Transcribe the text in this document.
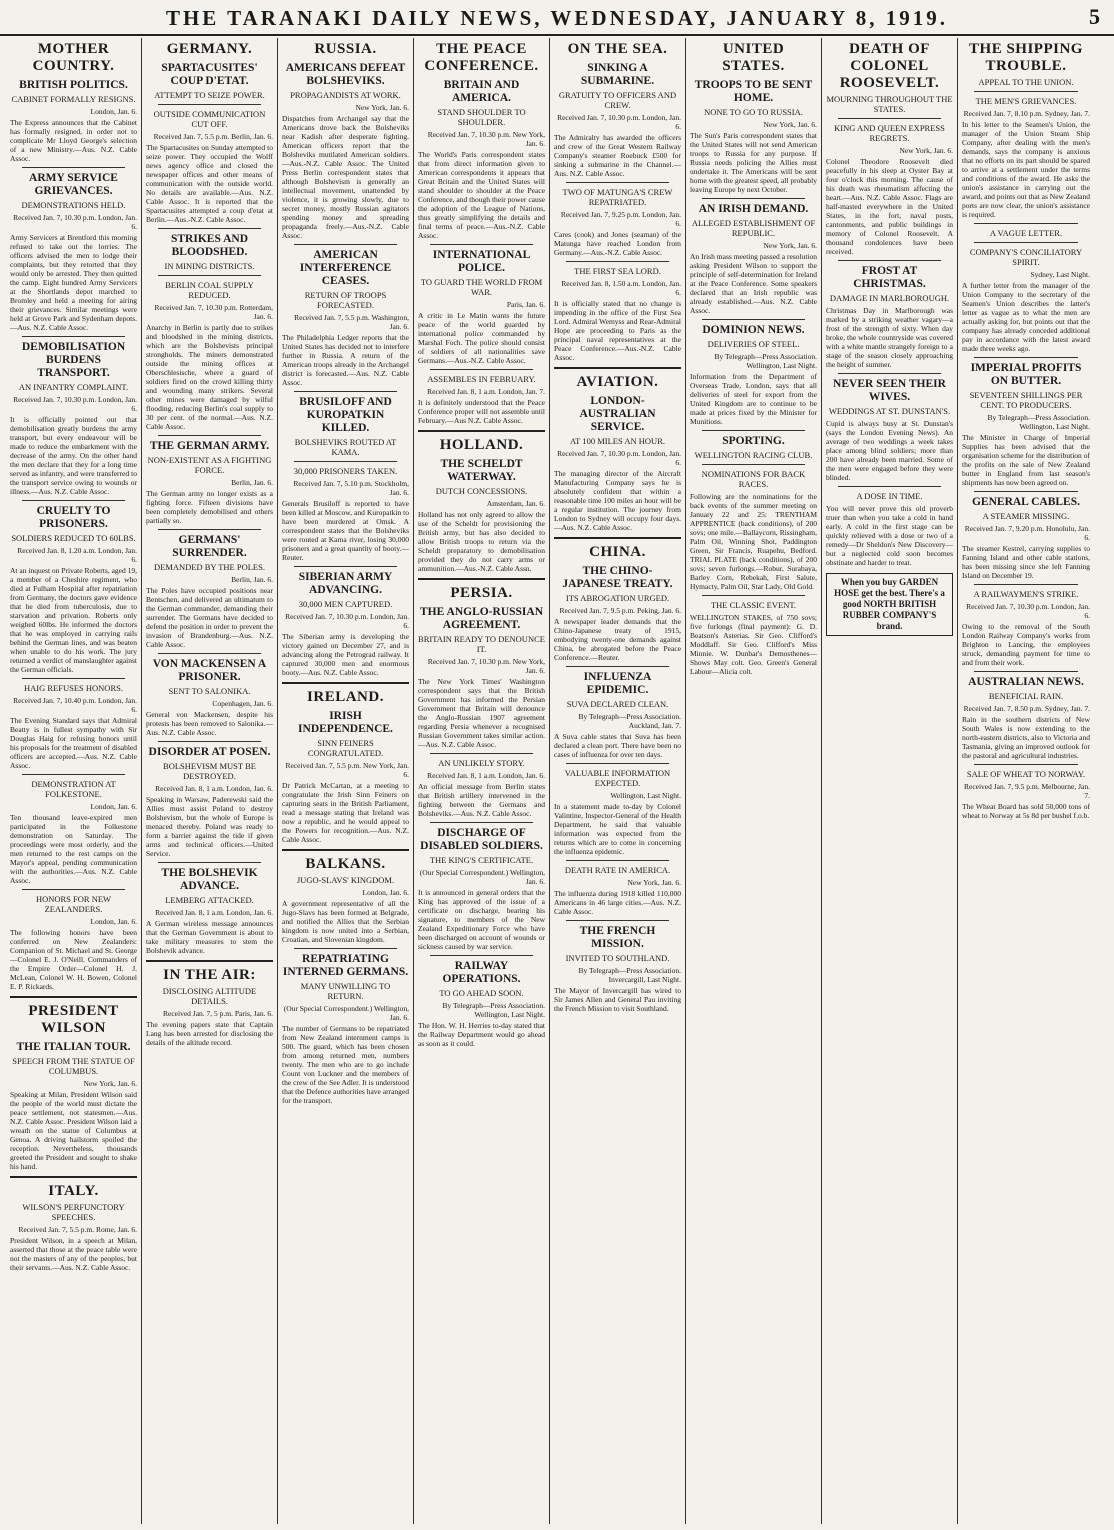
THE TARANAKI DAILY NEWS, WEDNESDAY, JANUARY 8, 1919.	5
MOTHER COUNTRY.
BRITISH POLITICS.
CABINET FORMALLY RESIGNS.
London, Jan. 6.

The Express announces that the Cabinet has formally resigned, in order not to complicate Mr Lloyd George's selection of a new Ministry.—Aus. N.Z. Cable Assoc.

ARMY SERVICE GRIEVANCES.
DEMONSTRATIONS HELD.
Received Jan. 7, 10.30 p.m. London, Jan. 6.

Army Servicers at Brentford this morning refused to take out the lorries. The officers advised the men to lodge their complaints, but they retorted that they would only be arrested. They then quitted the camp. Eight hundred Army Servicers at the Shortlands depot marched to Bromley and held a meeting for airing their grievances. Similar meetings were held at Grove Park and Sydenham depots.—Aus. N.Z. Cable Assoc.

DEMOBILISATION BURDENS TRANSPORT.
AN INFANTRY COMPLAINT.
Received Jan. 7, 10.30 p.m. London, Jan. 6.

It is officially pointed out that demobilisation greatly burdens the army transport, but every endeavour will be made to reduce the embarkment with the decrease of the army. On the other hand the men declare that they for a long time served as infantry, and were transferred to the transport service owing to wounds or illness.—Aus. N.Z. Cable Assoc.

CRUELTY TO PRISONERS.
SOLDIERS REDUCED TO 60LBS.
Received Jan. 8, 1.20 a.m. London, Jan. 6.

At an inquest on Private Roberts, aged 19, a member of a Cheshire regiment, who died at Fulham Hospital after repatriation from Germany, the doctors gave evidence that he died from tuberculosis, due to starvation and privation. Roberts only weighed 60lbs. He informed the doctors that he was employed in carrying rails behind the German lines, and was beaten when unable to do his work. The jury returned a verdict of manslaughter against the German officials.

HAIG REFUSES HONORS.
Received Jan. 7, 10.40 p.m. London, Jan. 6.

The Evening Standard says that Admiral Beatty is in fullest sympathy with Sir Douglas Haig for refusing honors until his proposals for the treatment of disabled officers are accepted.—Aus. N.Z. Cable Assoc.

DEMONSTRATION AT FOLKESTONE.
London, Jan. 6.

Ten thousand leave-expired men participated in the Folkestone demonstration on Saturday. The proceedings were most orderly, and the men returned to the rest camps on the Mayor's appeal, pending communication with the authorities.—Aus. N.Z. Cable Assoc.

HONORS FOR NEW ZEALANDERS.
London, Jan. 6.

The following honors have been conferred on New Zealanders: Companion of St. Michael and St. George—Colonel E. J. O'Neill. Commanders of the Empire Order—Colonel H. J. McLean, Colonel W. H. Bowen, Colonel E. P. Rickards.

PRESIDENT WILSON
THE ITALIAN TOUR.
SPEECH FROM THE STATUE OF COLUMBUS.
New York, Jan. 6.

Speaking at Milan, President Wilson said the people of the world must dictate the peace settlement, not statesmen.—Aus. N.Z. Cable Assoc. President Wilson laid a wreath on the statue of Columbus at Genoa. A driving hailstorm spoiled the reception. Nevertheless, thousands greeted the President and sought to shake his hand.

ITALY.
WILSON'S PERFUNCTORY SPEECHES.
Received Jan. 7, 5.5 p.m. Rome, Jan. 6.

President Wilson, in a speech at Milan, asserted that those at the peace table were not the masters of any of the peoples, but their servants.—Aus. N.Z. Cable Assoc.

GERMANY.
SPARTACUSITES' COUP D'ETAT.
ATTEMPT TO SEIZE POWER.
OUTSIDE COMMUNICATION CUT OFF.
Received Jan. 7, 5.5 p.m. Berlin, Jan. 6.

The Spartacusites on Sunday attempted to seize power. They occupied the Wolff news agency office and closed the newspaper offices and other means of communication with the outside world. No details are available.—Aus. N.Z. Cable Assoc. It is reported that the Spartacusites attempted a coup d'etat at Berlin.—Aus.-N.Z. Cable Assoc.

STRIKES AND BLOODSHED.
IN MINING DISTRICTS.
BERLIN COAL SUPPLY REDUCED.
Received Jan. 7, 10.30 p.m. Rotterdam, Jan. 6.

Anarchy in Berlin is partly due to strikes and bloodshed in the mining districts, which are the Bolshevists principal strongholds. The miners demonstrated outside the mining offices at Oberschlesische, where a guard of soldiers fired on the crowd killing thirty and wounding many strikers. Several other mines were damaged by wilful flooding, reducing Berlin's coal supply to 30 per cent. of the normal.—Aus. N.Z. Cable Assoc.

THE GERMAN ARMY.
NON-EXISTENT AS A FIGHTING FORCE.
Berlin, Jan. 6.

The German army no longer exists as a fighting force. Fifteen divisions have been completely demobilised and others partially so.

GERMANS' SURRENDER.
DEMANDED BY THE POLES.
Berlin, Jan. 6.

The Poles have occupied positions near Bentschen, and delivered an ultimatum to the German commander, demanding their surrender. The Germans have decided to defend the position in order to prevent the invasion of Brandenburg.—Aus. N.Z. Cable Assoc.

VON MACKENSEN A PRISONER.
SENT TO SALONIKA.
Copenhagen, Jan. 6.

General von Mackensen, despite his protests has been removed to Salonika.—Aus. N.Z. Cable Assoc.

DISORDER AT POSEN.
BOLSHEVISM MUST BE DESTROYED.
Received Jan. 8, 1 a.m. London, Jan. 6.

Speaking in Warsaw, Paderewski said the Allies must assist Poland to destroy Bolshevism, but the whole of Europe is menaced thereby. Poland was ready to form a barrier against the tide if given arms and technical officers.—United Service.

THE BOLSHEVIK ADVANCE.
LEMBERG ATTACKED.
Received Jan. 8, 1 a.m. London, Jan. 6.

A German wireless message announces that the German Government is about to take military measures to stem the Bolshevik advance.

IN THE AIR:
DISCLOSING ALTITUDE DETAILS.
Received Jan. 7, 5 p.m. Paris, Jan. 6.

The evening papers state that Captain Lang has been arrested for disclosing the details of the altitude record.

RUSSIA.
AMERICANS DEFEAT BOLSHEVIKS.
PROPAGANDISTS AT WORK.
New York, Jan. 6.

Dispatches from Archangel say that the Americans drove back the Bolsheviks near Kadish after desperate fighting. American officers report that the Bolsheviks mutilated American soldiers.—Aus.-N.Z. Cable Assoc. The United Press Berlin correspondent states that although Bolshevism is generally an intellectual movement, unattended by violence, it is growing slowly, due to secret money, mostly Russian agitators spending money and spreading propaganda freely.—Aus.-N.Z. Cable Assoc.

AMERICAN INTERFERENCE CEASES.
RETURN OF TROOPS FORECASTED.
Received Jan. 7, 5.5 p.m. Washington, Jan. 6.

The Philadelphia Ledger reports that the United States has decided not to interfere further in Russia. A return of the American troops already in the Archangel district is forecasted.—Aus. N.Z. Cable Assoc.

BRUSILOFF AND KUROPATKIN KILLED.
BOLSHEVIKS ROUTED AT KAMA.
30,000 PRISONERS TAKEN.
Received Jan. 7, 5.10 p.m. Stockholm, Jan. 6.

Generals Brusiloff is reported to have been killed at Moscow, and Kuropatkin to have been murdered at Omsk. A correspondent states that the Bolsheviks were routed at Kama river, losing 30,000 prisoners and a great quantity of booty.—Reuter.

SIBERIAN ARMY ADVANCING.
30,000 MEN CAPTURED.
Received Jan. 7, 10.30 p.m. London, Jan. 6.

The Siberian army is developing the victory gained on December 27, and is advancing along the Petrograd railway. It captured 30,000 men and enormous booty.—Aus. N.Z. Cable Assoc.

IRELAND.
IRISH INDEPENDENCE.
SINN FEINERS CONGRATULATED.
Received Jan. 7, 5.5 p.m. New York, Jan. 6.

Dr Patrick McCartan, at a meeting to congratulate the Irish Sinn Feiners on capturing seats in the British Parliament, read a message stating that Ireland was now a republic, and he would appeal to the Powers for recognition.—Aus. N.Z. Cable Assoc.

BALKANS.
JUGO-SLAVS' KINGDOM.
London, Jan. 6.

A government representative of all the Jugo-Slavs has been formed at Belgrade, and notified the Allies that the Serbian kingdom is now united into a Serbian, Croatian, and Slovenian kingdom.

REPATRIATING INTERNED GERMANS.
MANY UNWILLING TO RETURN.
(Our Special Correspondent.) Wellington, Jan. 6.

The number of Germans to be repatriated from New Zealand internment camps is 500. The guard, which has been chosen from among returned men, numbers twenty. The men who are to go include Count von Luckner and the members of the crew of the See Adler. It is understood that the Defence authorities have arranged for the transport.

THE PEACE CONFERENCE.
BRITAIN AND AMERICA.
STAND SHOULDER TO SHOULDER.
Received Jan. 7, 10.30 p.m. New York, Jan. 6.

The World's Paris correspondent states that from direct information given to American correspondents it appears that Great Britain and the United States will stand shoulder to shoulder at the Peace Conference, and though their power cause the adoption of the League of Nations, thus greatly simplifying the details and final terms of peace.—Aus.-N.Z. Cable Assoc.

INTERNATIONAL POLICE.
TO GUARD THE WORLD FROM WAR.
Paris, Jan. 6.

A critic in Le Matin wants the future peace of the world guarded by international police commanded by Marshal Foch. The police should consist of soldiers of all nationalities save Germans.—Aus.-N.Z. Cable Assoc.

ASSEMBLES IN FEBRUARY.
Received Jan. 8, 1 a.m. London, Jan. 7.

It is definitely understood that the Peace Conference proper will not assemble until February.—Aus N.Z. Cable Assoc.

HOLLAND.
THE SCHELDT WATERWAY.
DUTCH CONCESSIONS.
Amsterdam, Jan. 6.

Holland has not only agreed to allow the use of the Scheldt for provisioning the British army, but has also decided to allow British troops to return via the Scheldt preparatory to demobilisation provided they do not carry arms or ammunition.—Aus.-N.Z. Cable Assn.

PERSIA.
THE ANGLO-RUSSIAN AGREEMENT.
BRITAIN READY TO DENOUNCE IT.
Received Jan. 7, 10.30 p.m. New York, Jan. 6.

The New York Times' Washington correspondent says that the British Government has informed the Persian Government that Britain will denounce the Anglo-Russian 1907 agreement regarding Persia whenever a recognised Russian Government takes similar action.—Aus. N.Z. Cable Assoc.

AN UNLIKELY STORY.
Received Jan. 8, 1 a.m. London, Jan. 6.

An official message from Berlin states that British artillery intervened in the fighting between the Germans and Bolsheviks.—Aus. N.Z. Cable Assoc.

DISCHARGE OF DISABLED SOLDIERS.
THE KING'S CERTIFICATE.
(Our Special Correspondent.) Wellington, Jan. 6.

It is announced in general orders that the King has approved of the issue of a certificate on discharge, bearing his signature, to members of the New Zealand Expeditionary Force who have been discharged on account of wounds or sickness caused by war service.

RAILWAY OPERATIONS.
TO GO AHEAD SOON.
By Telegraph—Press Association. Wellington, Last Night.

The Hon. W. H. Herries to-day stated that the Railway Department would go ahead as soon as it could.

ON THE SEA.
SINKING A SUBMARINE.
GRATUITY TO OFFICERS AND CREW.
Received Jan. 7, 10.30 p.m. London, Jan. 6.

The Admiralty has awarded the officers and crew of the Great Western Railway Company's steamer Roebuck £500 for sinking a submarine in the Channel.—Aus. N.Z. Cable Assoc.

TWO OF MATUNGA'S CREW REPATRIATED.
Received Jan. 7, 9.25 p.m. London, Jan. 6.

Cares (cook) and Jones (seaman) of the Matunga have reached London from Germany.—Aus.-N.Z. Cable Assoc.

THE FIRST SEA LORD.
Received Jan. 8, 1.50 a.m. London, Jan. 6.

It is officially stated that no change is impending in the office of the First Sea Lord. Admiral Wemyss and Rear-Admiral Hope are proceeding to Paris as the principal naval representatives at the Peace Conference.—Aus.-N.Z. Cable Assoc.

AVIATION.
LONDON-AUSTRALIAN SERVICE.
AT 100 MILES AN HOUR.
Received Jan. 7, 10.30 p.m. London, Jan. 6.

The managing director of the Aircraft Manufacturing Company says he is absolutely confident that within a reasonable time 100 miles an hour will be a regular institution. The journey from London to Sydney will occupy four days.—Aus. N.Z. Cable Assoc.

CHINA.
THE CHINO-JAPANESE TREATY.
ITS ABROGATION URGED.
Received Jan. 7, 9.5 p.m. Peking, Jan. 6.

A newspaper leader demands that the Chino-Japanese treaty of 1915, embodying twenty-one demands against China, be abrogated before the Peace Conference.—Reuter.

INFLUENZA EPIDEMIC.
SUVA DECLARED CLEAN.
By Telegraph—Press Association. Auckland, Jan. 7.

A Suva cable states that Suva has been declared a clean port. There have been no cases of influenza for over ten days.

VALUABLE INFORMATION EXPECTED.
Wellington, Last Night.

In a statement made to-day by Colonel Valintine, Inspector-General of the Health Department, he said that valuable information was expected from the returns which are to come in concerning the influenza epidemic.

DEATH RATE IN AMERICA.
New York, Jan. 6.

The influenza during 1918 killed 110,000 Americans in 46 large cities.—Aus. N.Z. Cable Assoc.

THE FRENCH MISSION.
INVITED TO SOUTHLAND.
By Telegraph—Press Association. Invercargill, Last Night.

The Mayor of Invercargill has wired to Sir James Allen and General Pau inviting the French Mission to visit Southland.

UNITED STATES.
TROOPS TO BE SENT HOME.
NONE TO GO TO RUSSIA.
New York, Jan. 6.

The Sun's Paris correspondent states that the United States will not send American troops to Russia for any purpose. If Russia needs policing the Allies must undertake it. The Americans will be sent home with the greatest speed, all probably leaving Europe by next October.

AN IRISH DEMAND.
ALLEGED ESTABLISHMENT OF REPUBLIC.
New York, Jan. 6.

An Irish mass meeting passed a resolution asking President Wilson to support the principle of self-determination for Ireland at the Peace Conference. Some speakers declared that an Irish republic was already established.—Aus. N.Z. Cable Assoc.

DOMINION NEWS.
DELIVERIES OF STEEL.
By Telegraph—Press Association. Wellington, Last Night.

Information from the Department of Overseas Trade, London, says that all deliveries of steel for export from the United Kingdom are to continue to be made at prices fixed by the Minister for Munitions.

SPORTING.
WELLINGTON RACING CLUB.
NOMINATIONS FOR BACK RACES.

Following are the nominations for the back events of the summer meeting on January 22 and 25: TRENTHAM APPRENTICE (back conditions), of 200 sovs; one mile.—Ballaycorn, Rissingham, Palm Oil, Winning Shot, Paddington Green, Sir Francis, Ruapehu, Bedford. TRIAL PLATE (back conditions), of 200 sovs; seven furlongs.—Robur, Surabaya, Barley Corn, Rebekah, First Salute, Hymacty, Palm Oil, Star Lady, Old Gold.

THE CLASSIC EVENT.

WELLINGTON STAKES, of 750 sovs; five furlongs (final payment): G. D. Beatson's Asterias. Sir Geo. Clifford's Moddlaff. Sir Geo. Clifford's Miss Minnie. W. Dunbar's Demosthenes—Shows May colt. Geo. Green's General Labour—Alicia colt.

DEATH OF COLONEL ROOSEVELT.
MOURNING THROUGHOUT THE STATES.
KING AND QUEEN EXPRESS REGRETS.
New York, Jan. 6.

Colonel Theodore Roosevelt died peacefully in his sleep at Oyster Bay at four o'clock this morning. The cause of his death was rheumatism affecting the heart.—Aus. N.Z. Cable Assoc. Flags are half-masted everywhere in the United States, in the fort, naval posts, cantonments, and public buildings in memory of Colonel Roosevelt. A thousand condolences have been received.

FROST AT CHRISTMAS.
DAMAGE IN MARLBOROUGH.

Christmas Day in Marlborough was marked by a striking weather vagary—a frost of the strength of sixty. When day broke, the whole countryside was covered with a white mantle strangely foreign to a stage of the season closely approaching the height of summer.

NEVER SEEN THEIR WIVES.
WEDDINGS AT ST. DUNSTAN'S.

Cupid is always busy at St. Dunstan's (says the London Evening News). An average of two weddings a week takes place among blind soldiers; more than 200 have already been married. Some of the men were engaged before they were blinded.

A DOSE IN TIME.

You will never prove this old proverb truer than when you take a cold in hand early. A cold in the first stage can be quickly relieved with a dose or two of a remedy—Dr Sheldon's New Discovery—but a neglected cold soon becomes obstinate and harder to treat.

When you buy GARDEN HOSE get the best. There's a good NORTH BRITISH RUBBER COMPANY'S brand.
THE SHIPPING TROUBLE.
APPEAL TO THE UNION.
THE MEN'S GRIEVANCES.
Received Jan. 7, 8.10 p.m. Sydney, Jan. 7.

In his letter to the Seamen's Union, the manager of the Union Steam Ship Company, after dealing with the men's demands, says the company is anxious that no efforts on its part should be spared to arrive at a settlement under the terms and conditions of the award. He asks the union's assistance in carrying out the award, and points out that as New Zealand ports are now clear, the union's assistance is required.

A VAGUE LETTER.
COMPANY'S CONCILIATORY SPIRIT.
Sydney, Last Night.

A further letter from the manager of the Union Company to the secretary of the Seamen's Union describes the latter's letter as vague as to what the men are actually asking for, but points out that the company has already conceded additional pay in accordance with the latest award made three weeks ago.

IMPERIAL PROFITS ON BUTTER.
SEVENTEEN SHILLINGS PER CENT. TO PRODUCERS.
By Telegraph—Press Association. Wellington, Last Night.

The Minister in Charge of Imperial Supplies has been advised that the organisation scheme for the distribution of the profits on the sale of New Zealand butter in England from last season's shipments has now been agreed on.

GENERAL CABLES.
A STEAMER MISSING.
Received Jan. 7, 9.20 p.m. Honolulu, Jan. 6.

The steamer Kestrel, carrying supplies to Fanning Island and other cable stations, has been missing since she left Fanning Island on December 19.

A RAILWAYMEN'S STRIKE.
Received Jan. 7, 10.30 p.m. London, Jan. 6.

Owing to the removal of the South London Railway Company's works from Brighton to Lancing, the employees struck, demanding payment for time to and from their work.

AUSTRALIAN NEWS.
BENEFICIAL RAIN.
Received Jan. 7, 8.50 p.m. Sydney, Jan. 7.

Rain in the southern districts of New South Wales is now extending to the north-eastern districts, also to Victoria and Tasmania, giving an improved outlook for the pastoral and agricultural industries.

SALE OF WHEAT TO NORWAY.
Received Jan. 7, 9.5 p.m. Melbourne, Jan. 7.

The Wheat Board has sold 50,000 tons of wheat to Norway at 5s 8d per bushel f.o.b.
